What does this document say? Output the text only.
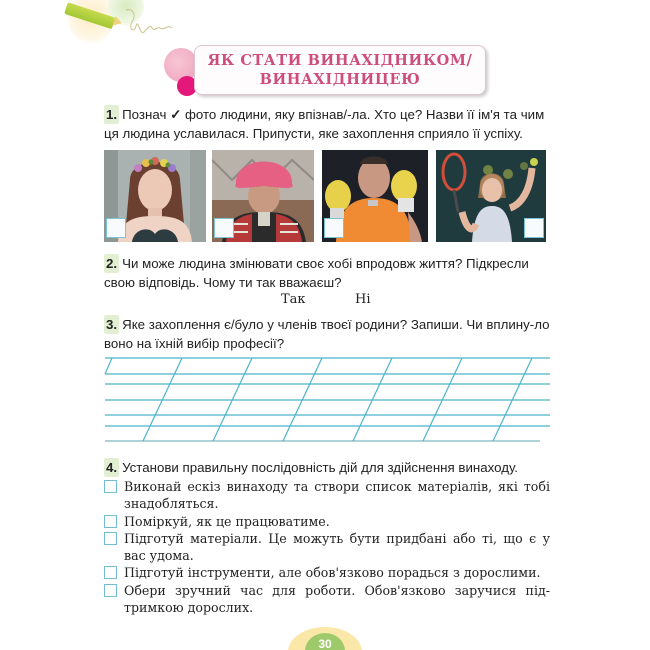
ЯК СТАТИ ВИНАХІДНИКОМ/
ВИНАХІДНИЦЕЮ
1. Познач ✓ фото людини, яку впізнав/-ла. Хто це? Назви її ім'я та чим ця людина уславилася. Припусти, яке захоплення сприяло її успіху.
2. Чи може людина змінювати своє хобі впродовж життя? Підкресли свою відповідь. Чому ти так вважаєш?
Так	Ні
3. Яке захоплення є/було у членів твоєї родини? Запиши. Чи вплину-ло воно на їхній вибір професії?
4. Установи правильну послідовність дій для здійснення винаходу.
Виконай ескіз винаходу та створи список матеріалів, які тобі знадобляться.
Поміркуй, як це працюватиме.
Підготуй матеріали. Це можуть бути придбані або ті, що є у вас удома.
Підготуй інструменти, але обов'язково порадься з дорослими.
Обери зручний час для роботи. Обов'язково заручися під-тримкою дорослих.
30
